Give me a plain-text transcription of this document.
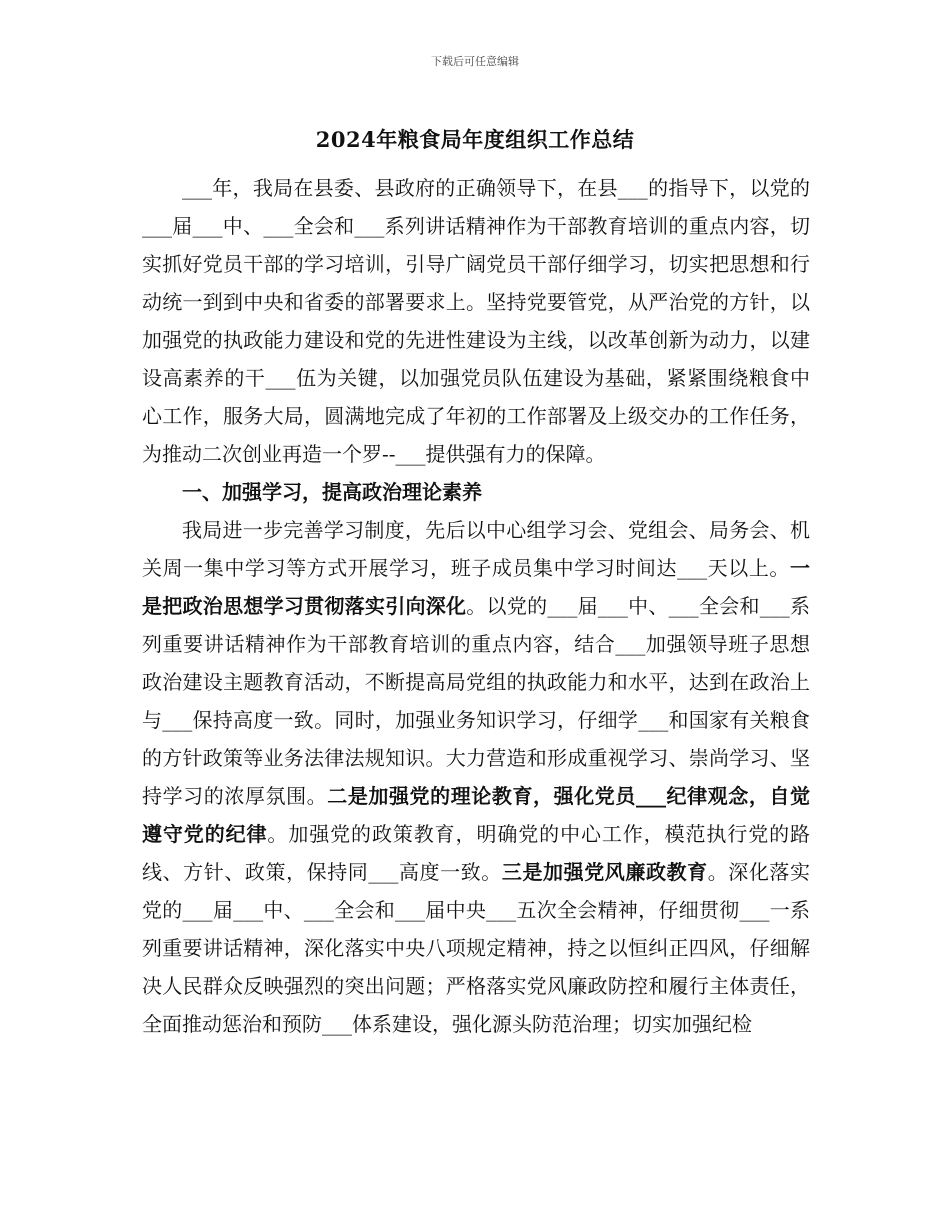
下载后可任意编辑
2024年粮食局年度组织工作总结

___年，我局在县委、县政府的正确领导下，在县___的指导下，以党的___届___中、___全会和___系列讲话精神作为干部教育培训的重点内容，切实抓好党员干部的学习培训，引导广阔党员干部仔细学习，切实把思想和行动统一到到中央和省委的部署要求上。坚持党要管党，从严治党的方针，以加强党的执政能力建设和党的先进性建设为主线，以改革创新为动力，以建设高素养的干___伍为关键，以加强党员队伍建设为基础，紧紧围绕粮食中心工作，服务大局，圆满地完成了年初的工作部署及上级交办的工作任务，为推动二次创业再造一个罗--___提供强有力的保障。

一、加强学习，提高政治理论素养

我局进一步完善学习制度，先后以中心组学习会、党组会、局务会、机关周一集中学习等方式开展学习，班子成员集中学习时间达___天以上。一是把政治思想学习贯彻落实引向深化。以党的___届___中、___全会和___系列重要讲话精神作为干部教育培训的重点内容，结合___加强领导班子思想政治建设主题教育活动，不断提高局党组的执政能力和水平，达到在政治上与___保持高度一致。同时，加强业务知识学习，仔细学___和国家有关粮食的方针政策等业务法律法规知识。大力营造和形成重视学习、崇尚学习、坚持学习的浓厚氛围。二是加强党的理论教育，强化党员___纪律观念，自觉遵守党的纪律。加强党的政策教育，明确党的中心工作，模范执行党的路线、方针、政策，保持同___高度一致。三是加强党风廉政教育。深化落实党的___届___中、___全会和___届中央___五次全会精神，仔细贯彻___一系列重要讲话精神，深化落实中央八项规定精神，持之以恒纠正四风，仔细解决人民群众反映强烈的突出问题；严格落实党风廉政防控和履行主体责任，全面推动惩治和预防___体系建设，强化源头防范治理；切实加强纪检
